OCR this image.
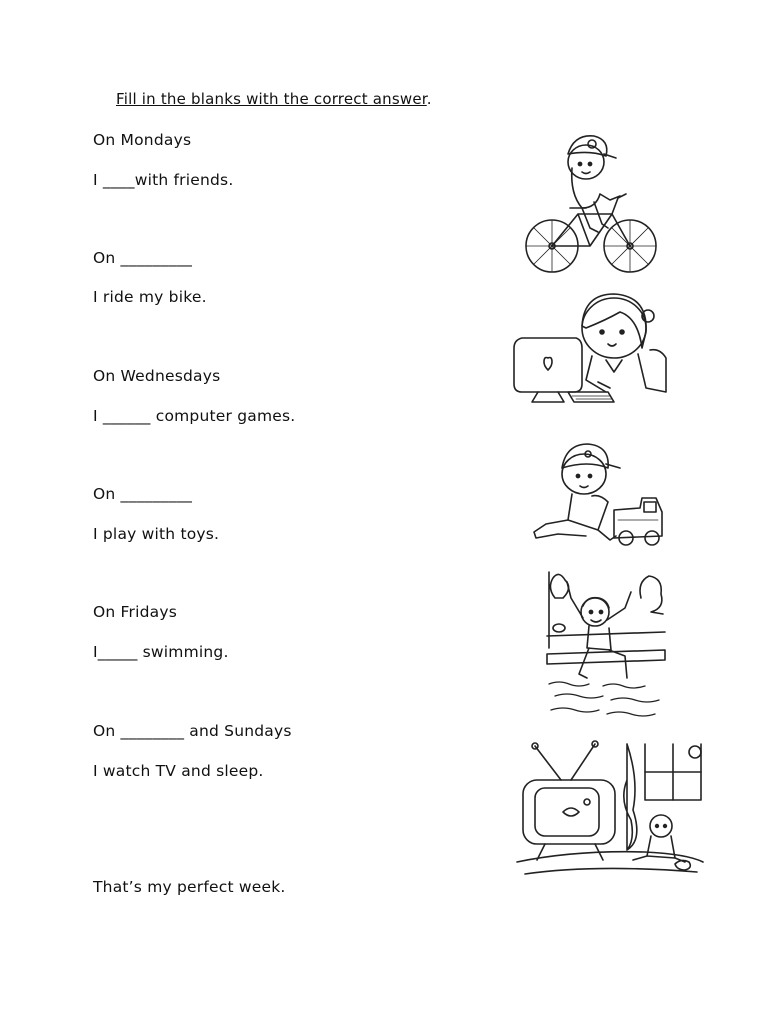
Fill in the blanks with the correct answer.
On Mondays
I ____with friends.
On _________
I ride my bike.
On Wednesdays
I ______ computer games.
On _________
I play with toys.
On Fridays
I_____ swimming.
On ________ and Sundays
I watch TV and sleep.
That’s my perfect week.
